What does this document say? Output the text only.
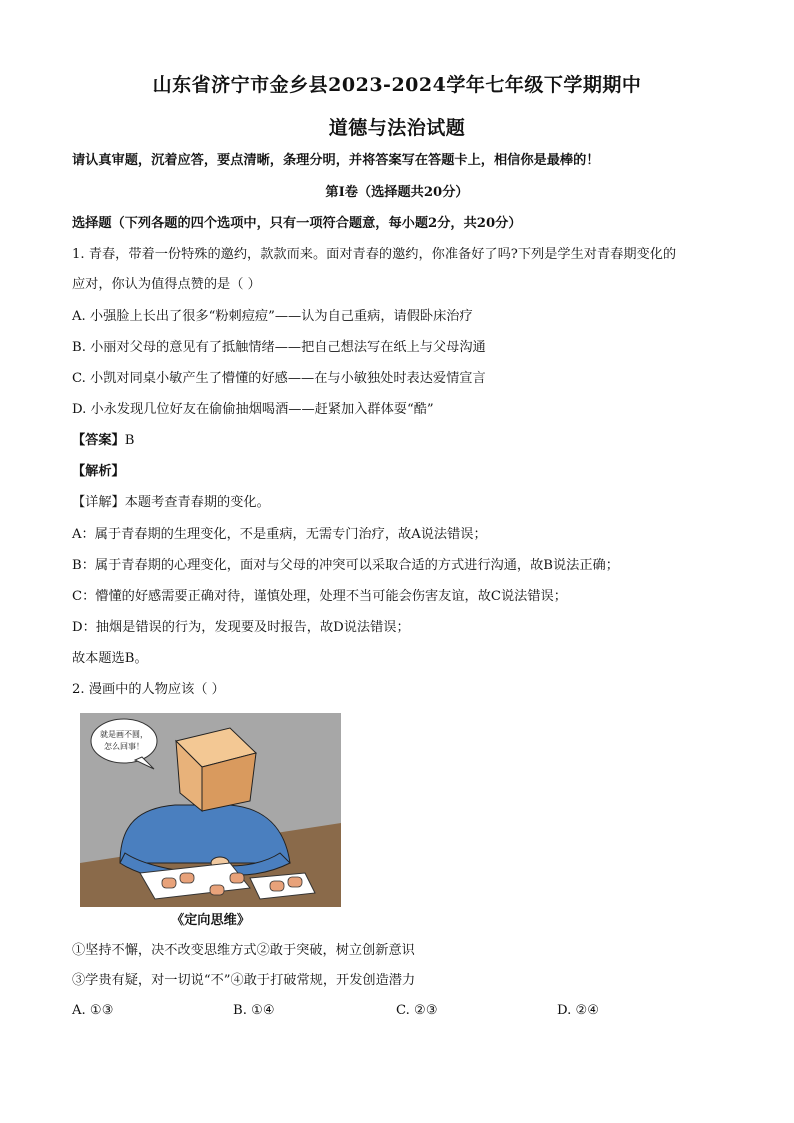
山东省济宁市金乡县2023-2024学年七年级下学期期中
道德与法治试题
请认真审题，沉着应答，要点清晰，条理分明，并将答案写在答题卡上，相信你是最棒的！
第Ⅰ卷（选择题共20分）
选择题（下列各题的四个选项中，只有一项符合题意，每小题2分，共20分）
1. 青春，带着一份特殊的邀约，款款而来。面对青春的邀约，你准备好了吗?下列是学生对青春期变化的
应对，你认为值得点赞的是（ ）
A. 小强脸上长出了很多“粉刺痘痘”——认为自己重病，请假卧床治疗
B. 小丽对父母的意见有了抵触情绪——把自己想法写在纸上与父母沟通
C. 小凯对同桌小敏产生了懵懂的好感——在与小敏独处时表达爱情宣言
D. 小永发现几位好友在偷偷抽烟喝酒——赶紧加入群体耍“酷”
【答案】B
【解析】
【详解】本题考查青春期的变化。
A：属于青春期的生理变化，不是重病，无需专门治疗，故A说法错误；
B：属于青春期的心理变化，面对与父母的冲突可以采取合适的方式进行沟通，故B说法正确；
C：懵懂的好感需要正确对待，谨慎处理，处理不当可能会伤害友谊，故C说法错误；
D：抽烟是错误的行为，发现要及时报告，故D说法错误；
故本题选B。
2. 漫画中的人物应该（ ）
就是画不圆，
怎么回事！
《定向思维》
①坚持不懈，决不改变思维方式②敢于突破，树立创新意识
③学贵有疑，对一切说“不”④敢于打破常规，开发创造潜力
A. ①③	B. ①④	C. ②③	D. ②④
